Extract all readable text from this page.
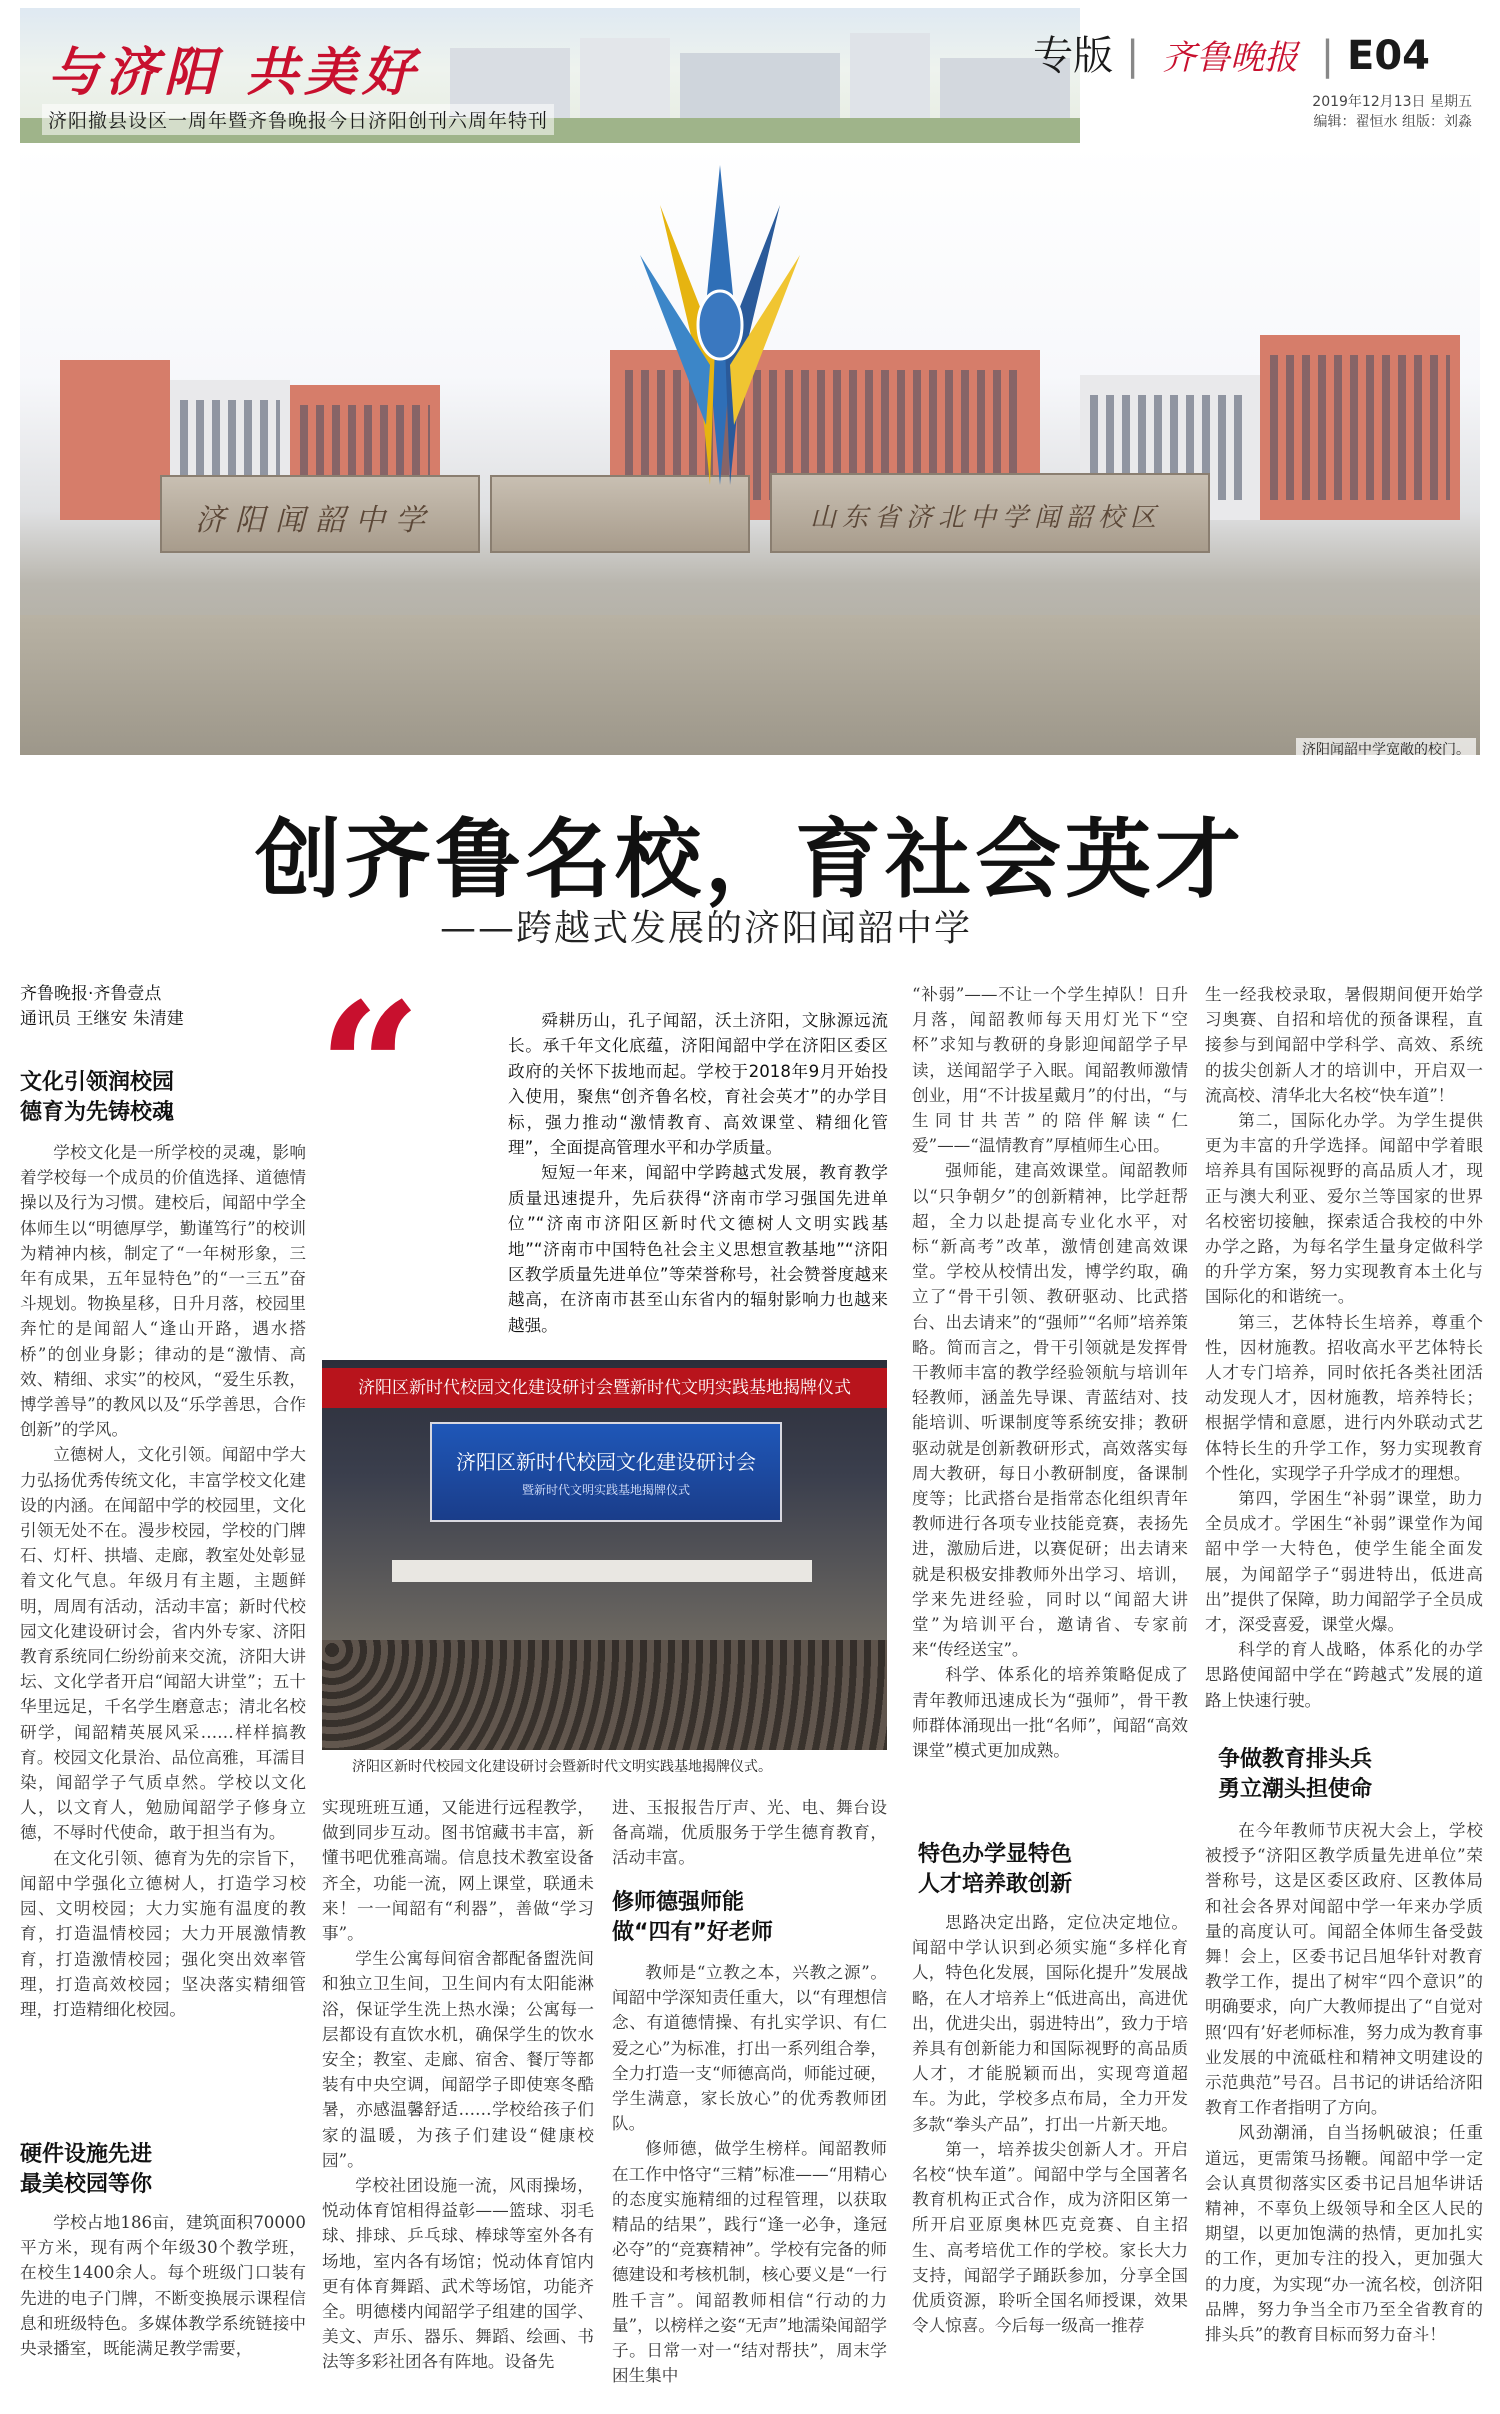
与济阳 共美好
济阳撤县设区一周年暨齐鲁晚报今日济阳创刊六周年特刊
专版 | 齐鲁晚报 | E04
2019年12月13日 星期五
编辑：翟恒水 组版：刘淼
济阳闻韶中学	山东省济北中学闻韶校区
济阳闻韶中学宽敞的校门。
创齐鲁名校，育社会英才
——跨越式发展的济阳闻韶中学
齐鲁晚报·齐鲁壹点
通讯员 王继安 朱清建
文化引领润校园
德育为先铸校魂

学校文化是一所学校的灵魂，影响着学校每一个成员的价值选择、道德情操以及行为习惯。建校后，闻韶中学全体师生以“明德厚学，勤谨笃行”的校训为精神内核，制定了“一年树形象，三年有成果，五年显特色”的“一三五”奋斗规划。物换星移，日升月落，校园里奔忙的是闻韶人“逢山开路，遇水搭桥”的创业身影；律动的是“激情、高效、精细、求实”的校风，“爱生乐教，博学善导”的教风以及“乐学善思，合作创新”的学风。

立德树人，文化引领。闻韶中学大力弘扬优秀传统文化，丰富学校文化建设的内涵。在闻韶中学的校园里，文化引领无处不在。漫步校园，学校的门牌石、灯杆、拱墙、走廊，教室处处彰显着文化气息。年级月有主题，主题鲜明，周周有活动，活动丰富；新时代校园文化建设研讨会，省内外专家、济阳教育系统同仁纷纷前来交流，济阳大讲坛、文化学者开启“闻韶大讲堂”；五十华里远足，千名学生磨意志；清北名校研学，闻韶精英展风采……样样搞教育。校园文化景治、品位高雅，耳濡目染，闻韶学子气质卓然。学校以文化人，以文育人，勉励闻韶学子修身立德，不辱时代使命，敢于担当有为。

在文化引领、德育为先的宗旨下，闻韶中学强化立德树人，打造学习校园、文明校园；大力实施有温度的教育，打造温情校园；大力开展激情教育，打造激情校园；强化突出效率管理，打造高效校园；坚决落实精细管理，打造精细化校园。

硬件设施先进
最美校园等你

学校占地186亩，建筑面积70000平方米，现有两个年级30个教学班，在校生1400余人。每个班级门口装有先进的电子门牌，不断变换展示课程信息和班级特色。多媒体教学系统链接中央录播室，既能满足教学需要，

“	舜耕历山，孔子闻韶，沃土济阳，文脉源远流长。承千年文化底蕴，济阳闻韶中学在济阳区委区政府的关怀下拔地而起。学校于2018年9月开始投入使用，聚焦“创齐鲁名校，育社会英才”的办学目标，强力推动“激情教育、高效课堂、精细化管理”，全面提高管理水平和办学质量。

短短一年来，闻韶中学跨越式发展，教育教学质量迅速提升，先后获得“济南市学习强国先进单位”“济南市济阳区新时代文德树人文明实践基地”“济南市中国特色社会主义思想宣教基地”“济阳区教学质量先进单位”等荣誉称号，社会赞誉度越来越高，在济南市甚至山东省内的辐射影响力也越来越强。

济阳区新时代校园文化建设研讨会暨新时代文明实践基地揭牌仪式
济阳区新时代校园文化建设研讨会
暨新时代文明实践基地揭牌仪式
济阳区新时代校园文化建设研讨会暨新时代文明实践基地揭牌仪式。

实现班班互通，又能进行远程教学，做到同步互动。图书馆藏书丰富，新懂书吧优雅高端。信息技术教室设备齐全，功能一流，网上课堂，联通未来！一一闻韶有“利器”，善做“学习事”。

学生公寓每间宿舍都配备盥洗间和独立卫生间，卫生间内有太阳能淋浴，保证学生洗上热水澡；公寓每一层都设有直饮水机，确保学生的饮水安全；教室、走廊、宿舍、餐厅等都装有中央空调，闻韶学子即使寒冬酷暑，亦感温馨舒适……学校给孩子们家的温暖，为孩子们建设“健康校园”。

学校社团设施一流，风雨操场，悦动体育馆相得益彰——篮球、羽毛球、排球、乒乓球、棒球等室外各有场地，室内各有场馆；悦动体育馆内更有体育舞蹈、武术等场馆，功能齐全。明德楼内闻韶学子组建的国学、美文、声乐、器乐、舞蹈、绘画、书法等多彩社团各有阵地。设备先

进、玉报报告厅声、光、电、舞台设备高端，优质服务于学生德育教育，活动丰富。

修师德强师能
做“四有”好老师

教师是“立教之本，兴教之源”。闻韶中学深知责任重大，以“有理想信念、有道德情操、有扎实学识、有仁爱之心”为标准，打出一系列组合拳，全力打造一支“师德高尚，师能过硬，学生满意，家长放心”的优秀教师团队。

修师德，做学生榜样。闻韶教师在工作中恪守“三精”标准——“用精心的态度实施精细的过程管理，以获取精品的结果”，践行“逢一必争，逢冠必夺”的“竞赛精神”。学校有完备的师德建设和考核机制，核心要义是“一行胜千言”。闻韶教师相信“行动的力量”，以榜样之姿“无声”地濡染闻韶学子。日常一对一“结对帮扶”，周末学困生集中

“补弱”——不让一个学生掉队！日升月落，闻韶教师每天用灯光下“空杯”求知与教研的身影迎闻韶学子早读，送闻韶学子入眠。闻韶教师激情创业，用“不计拔星戴月”的付出，“与生同甘共苦”的陪伴解读“仁爱”——“温情教育”厚植师生心田。

强师能，建高效课堂。闻韶教师以“只争朝夕”的创新精神，比学赶帮超，全力以赴提高专业化水平，对标“新高考”改革，激情创建高效课堂。学校从校情出发，博学约取，确立了“骨干引领、教研驱动、比武搭台、出去请来”的“强师”“名师”培养策略。简而言之，骨干引领就是发挥骨干教师丰富的教学经验领航与培训年轻教师，涵盖先导课、青蓝结对、技能培训、听课制度等系统安排；教研驱动就是创新教研形式，高效落实每周大教研，每日小教研制度，备课制度等；比武搭台是指常态化组织青年教师进行各项专业技能竞赛，表扬先进，激励后进，以赛促研；出去请来就是积极安排教师外出学习、培训，学来先进经验，同时以“闻韶大讲堂”为培训平台，邀请省、专家前来“传经送宝”。

科学、体系化的培养策略促成了青年教师迅速成长为“强师”，骨干教师群体涌现出一批“名师”，闻韶“高效课堂”模式更加成熟。

特色办学显特色
人才培养敢创新

思路决定出路，定位决定地位。闻韶中学认识到必须实施“多样化育人，特色化发展，国际化提升”发展战略，在人才培养上“低进高出，高进优出，优进尖出，弱进特出”，致力于培养具有创新能力和国际视野的高品质人才，才能脱颖而出，实现弯道超车。为此，学校多点布局，全力开发多款“拳头产品”，打出一片新天地。

第一，培养拔尖创新人才。开启名校“快车道”。闻韶中学与全国著名教育机构正式合作，成为济阳区第一所开启亚原奥林匹克竞赛、自主招生、高考培优工作的学校。家长大力支持，闻韶学子踊跃参加，分享全国优质资源，聆听全国名师授课，效果令人惊喜。今后每一级高一推荐

生一经我校录取，暑假期间便开始学习奥赛、自招和培优的预备课程，直接参与到闻韶中学科学、高效、系统的拔尖创新人才的培训中，开启双一流高校、清华北大名校“快车道”！

第二，国际化办学。为学生提供更为丰富的升学选择。闻韶中学着眼培养具有国际视野的高品质人才，现正与澳大利亚、爱尔兰等国家的世界名校密切接触，探索适合我校的中外办学之路，为每名学生量身定做科学的升学方案，努力实现教育本土化与国际化的和谐统一。

第三，艺体特长生培养，尊重个性，因材施教。招收高水平艺体特长人才专门培养，同时依托各类社团活动发现人才，因材施教，培养特长；根据学情和意愿，进行内外联动式艺体特长生的升学工作，努力实现教育个性化，实现学子升学成才的理想。

第四，学困生“补弱”课堂，助力全员成才。学困生“补弱”课堂作为闻韶中学一大特色，使学生能全面发展，为闻韶学子“弱进特出，低进高出”提供了保障，助力闻韶学子全员成才，深受喜爱，课堂火爆。

科学的育人战略，体系化的办学思路使闻韶中学在“跨越式”发展的道路上快速行驶。

争做教育排头兵
勇立潮头担使命

在今年教师节庆祝大会上，学校被授予“济阳区教学质量先进单位”荣誉称号，这是区委区政府、区教体局和社会各界对闻韶中学一年来办学质量的高度认可。闻韶全体师生备受鼓舞！会上，区委书记吕旭华针对教育教学工作，提出了树牢“四个意识”的明确要求，向广大教师提出了“自觉对照‘四有’好老师标准，努力成为教育事业发展的中流砥柱和精神文明建设的示范典范”号召。吕书记的讲话给济阳教育工作者指明了方向。

风劲潮涌，自当扬帆破浪；任重道远，更需策马扬鞭。闻韶中学一定会认真贯彻落实区委书记吕旭华讲话精神，不辜负上级领导和全区人民的期望，以更加饱满的热情，更加扎实的工作，更加专注的投入，更加强大的力度，为实现“办一流名校，创济阳品牌，努力争当全市乃至全省教育的排头兵”的教育目标而努力奋斗！
